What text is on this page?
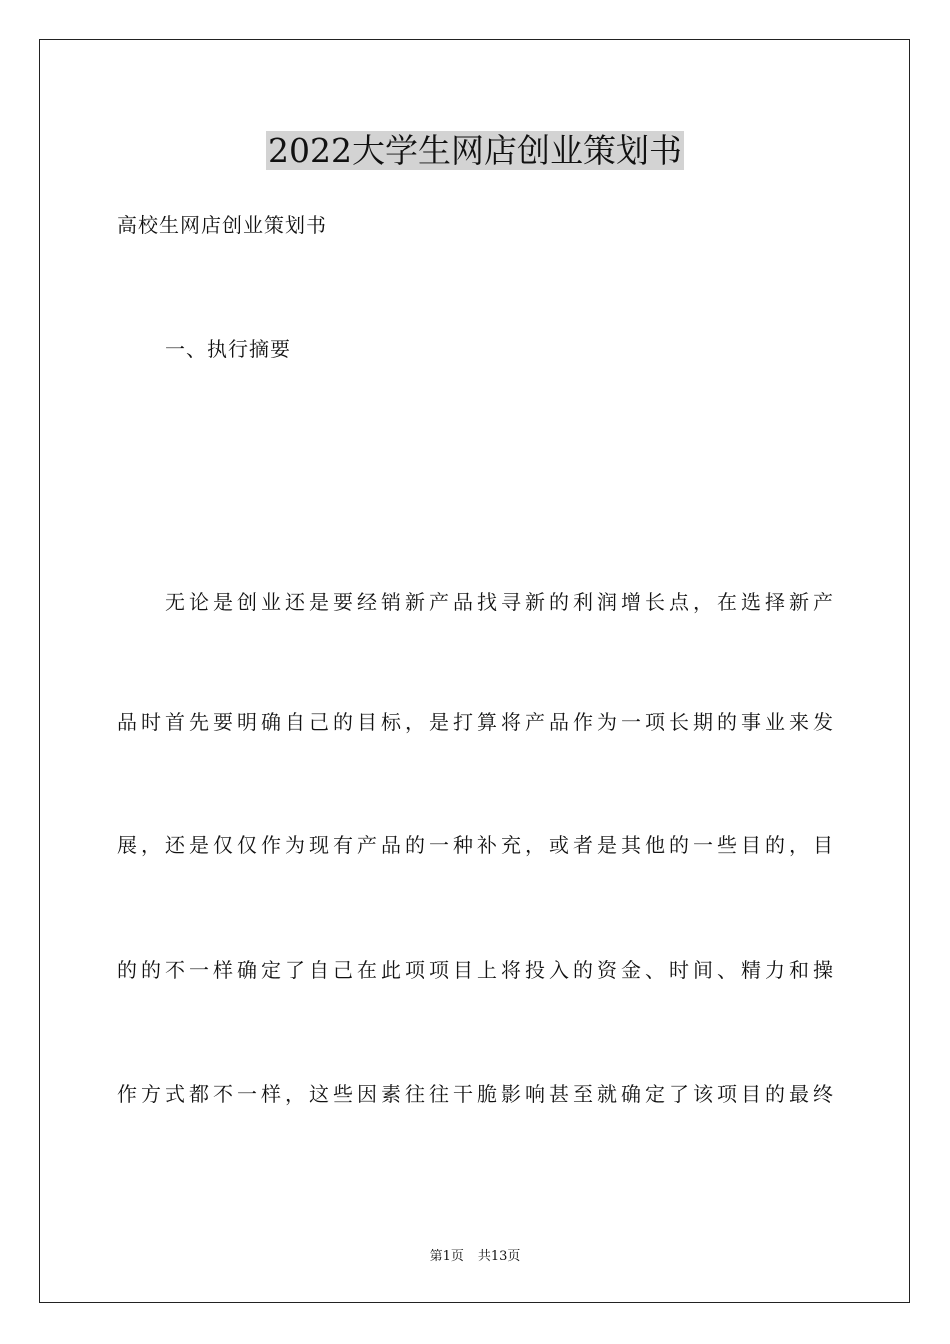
2022大学生网店创业策划书
高校生网店创业策划书
一、执行摘要
无论是创业还是要经销新产品找寻新的利润增长点，在选择新产
品时首先要明确自己的目标，是打算将产品作为一项长期的事业来发
展，还是仅仅作为现有产品的一种补充，或者是其他的一些目的，目
的的不一样确定了自己在此项项目上将投入的资金、时间、精力和操
作方式都不一样，这些因素往往干脆影响甚至就确定了该项目的最终
第1页 共13页
